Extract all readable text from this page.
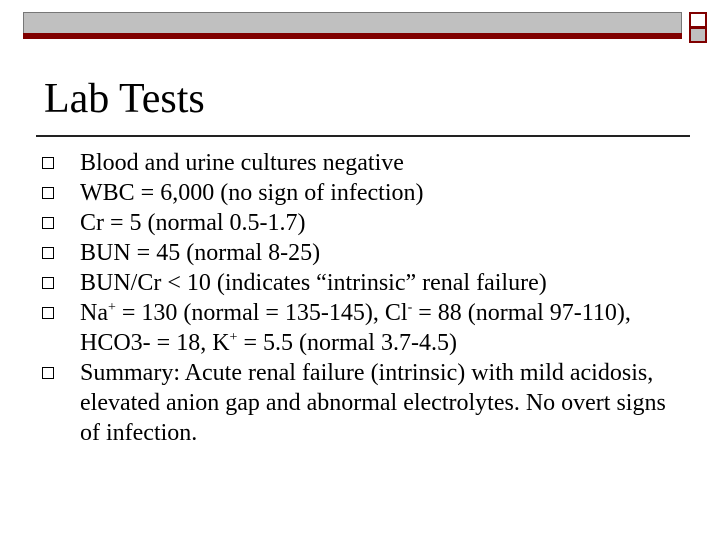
Lab Tests
Blood and urine cultures negative
WBC = 6,000 (no sign of infection)
Cr = 5 (normal 0.5-1.7)
BUN = 45 (normal 8-25)
BUN/Cr < 10 (indicates “intrinsic” renal failure)
Na+ = 130 (normal = 135-145), Cl- = 88 (normal 97-110), HCO3- = 18, K+ = 5.5 (normal 3.7-4.5)
Summary: Acute renal failure (intrinsic) with mild acidosis, elevated anion gap and abnormal electrolytes. No overt signs of infection.
